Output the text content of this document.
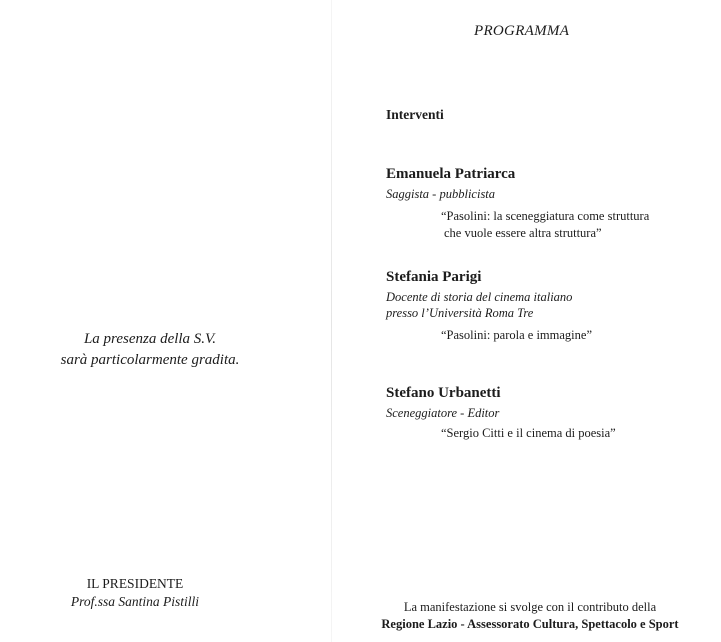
La presenza della S.V.
sarà particolarmente gradita.
IL PRESIDENTE
Prof.ssa Santina Pistilli
PROGRAMMA
Interventi
Emanuela Patriarca
Saggista - pubblicista
“Pasolini: la sceneggiatura come struttura
che vuole essere altra struttura”
Stefania Parigi
Docente di storia del cinema italiano
presso l’Università Roma Tre
“Pasolini: parola e immagine”
Stefano Urbanetti
Sceneggiatore - Editor
“Sergio Citti e il cinema di poesia”
La manifestazione si svolge con il contributo della
Regione Lazio - Assessorato Cultura, Spettacolo e Sport
